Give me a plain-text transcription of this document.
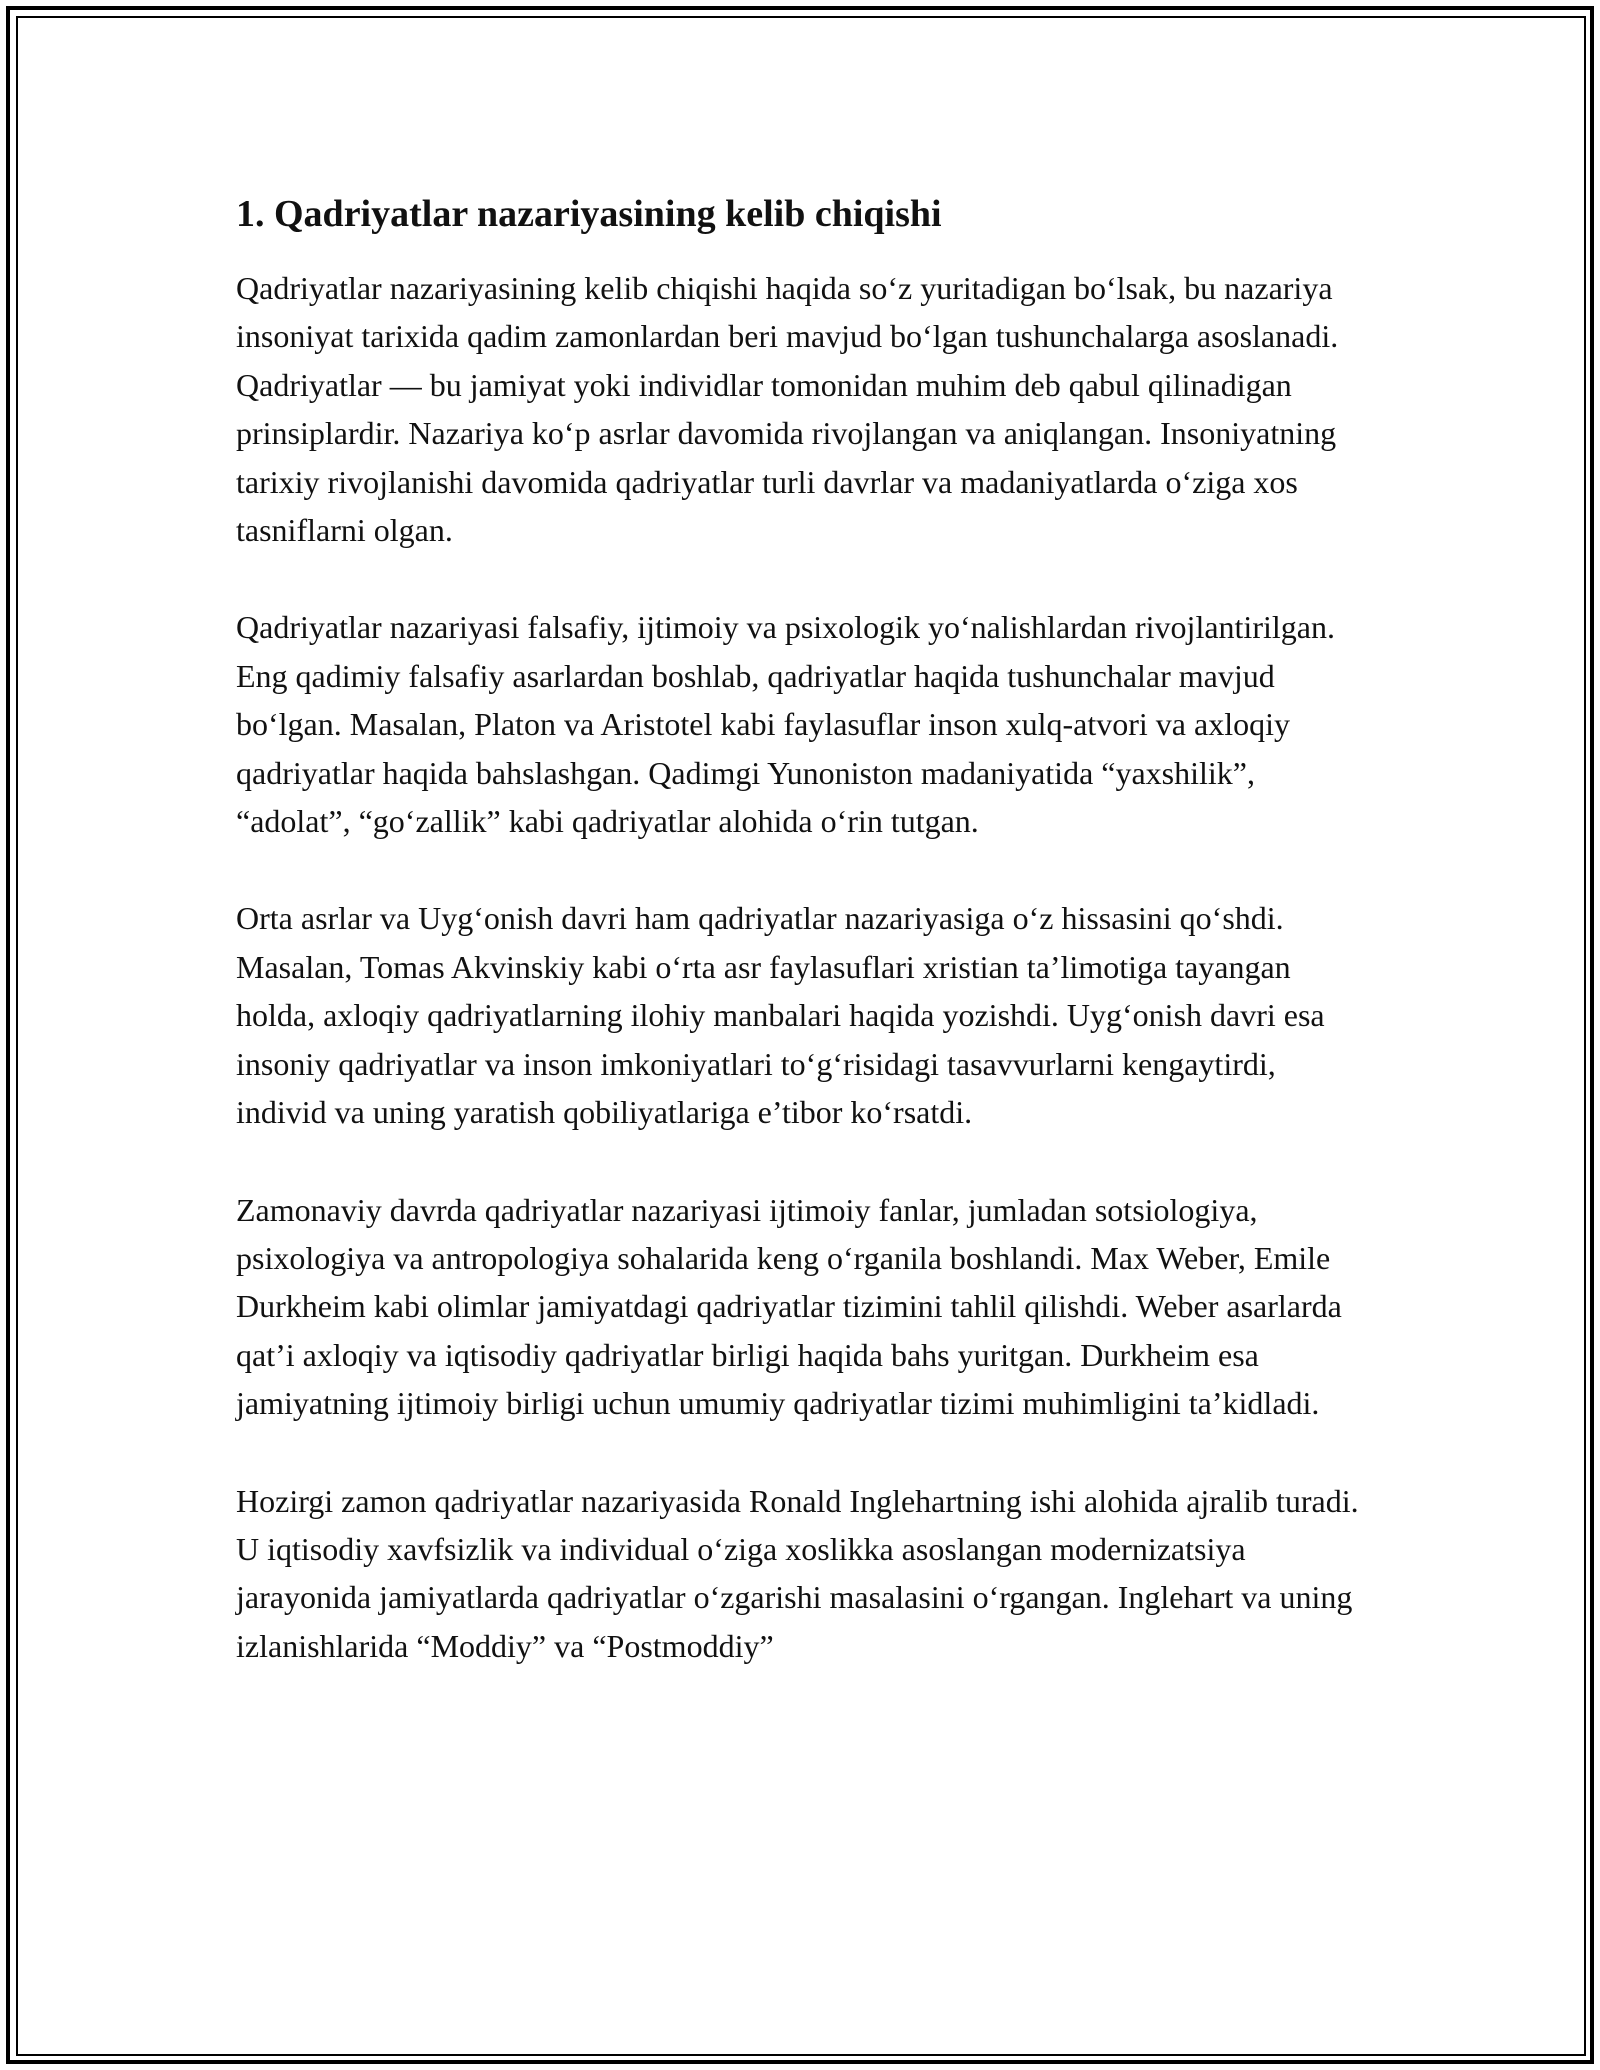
1. Qadriyatlar nazariyasining kelib chiqishi

Qadriyatlar nazariyasining kelib chiqishi haqida so‘z yuritadigan bo‘lsak, bu nazariya insoniyat tarixida qadim zamonlardan beri mavjud bo‘lgan tushunchalarga asoslanadi. Qadriyatlar — bu jamiyat yoki individlar tomonidan muhim deb qabul qilinadigan prinsiplardir. Nazariya ko‘p asrlar davomida rivojlangan va aniqlangan. Insoniyatning tarixiy rivojlanishi davomida qadriyatlar turli davrlar va madaniyatlarda o‘ziga xos tasniflarni olgan.

Qadriyatlar nazariyasi falsafiy, ijtimoiy va psixologik yo‘nalishlardan rivojlantirilgan. Eng qadimiy falsafiy asarlardan boshlab, qadriyatlar haqida tushunchalar mavjud bo‘lgan. Masalan, Platon va Aristotel kabi faylasuflar inson xulq-atvori va axloqiy qadriyatlar haqida bahslashgan. Qadimgi Yunoniston madaniyatida “yaxshilik”, “adolat”, “go‘zallik” kabi qadriyatlar alohida o‘rin tutgan.

Orta asrlar va Uyg‘onish davri ham qadriyatlar nazariyasiga o‘z hissasini qo‘shdi. Masalan, Tomas Akvinskiy kabi o‘rta asr faylasuflari xristian ta’limotiga tayangan holda, axloqiy qadriyatlarning ilohiy manbalari haqida yozishdi. Uyg‘onish davri esa insoniy qadriyatlar va inson imkoniyatlari to‘g‘risidagi tasavvurlarni kengaytirdi, individ va uning yaratish qobiliyatlariga e’tibor ko‘rsatdi.

Zamonaviy davrda qadriyatlar nazariyasi ijtimoiy fanlar, jumladan sotsiologiya, psixologiya va antropologiya sohalarida keng o‘rganila boshlandi. Max Weber, Emile Durkheim kabi olimlar jamiyatdagi qadriyatlar tizimini tahlil qilishdi. Weber asarlarda qat’i axloqiy va iqtisodiy qadriyatlar birligi haqida bahs yuritgan. Durkheim esa jamiyatning ijtimoiy birligi uchun umumiy qadriyatlar tizimi muhimligini ta’kidladi.

Hozirgi zamon qadriyatlar nazariyasida Ronald Inglehartning ishi alohida ajralib turadi. U iqtisodiy xavfsizlik va individual o‘ziga xoslikka asoslangan modernizatsiya jarayonida jamiyatlarda qadriyatlar o‘zgarishi masalasini o‘rgangan. Inglehart va uning izlanishlarida “Moddiy” va “Postmoddiy”
